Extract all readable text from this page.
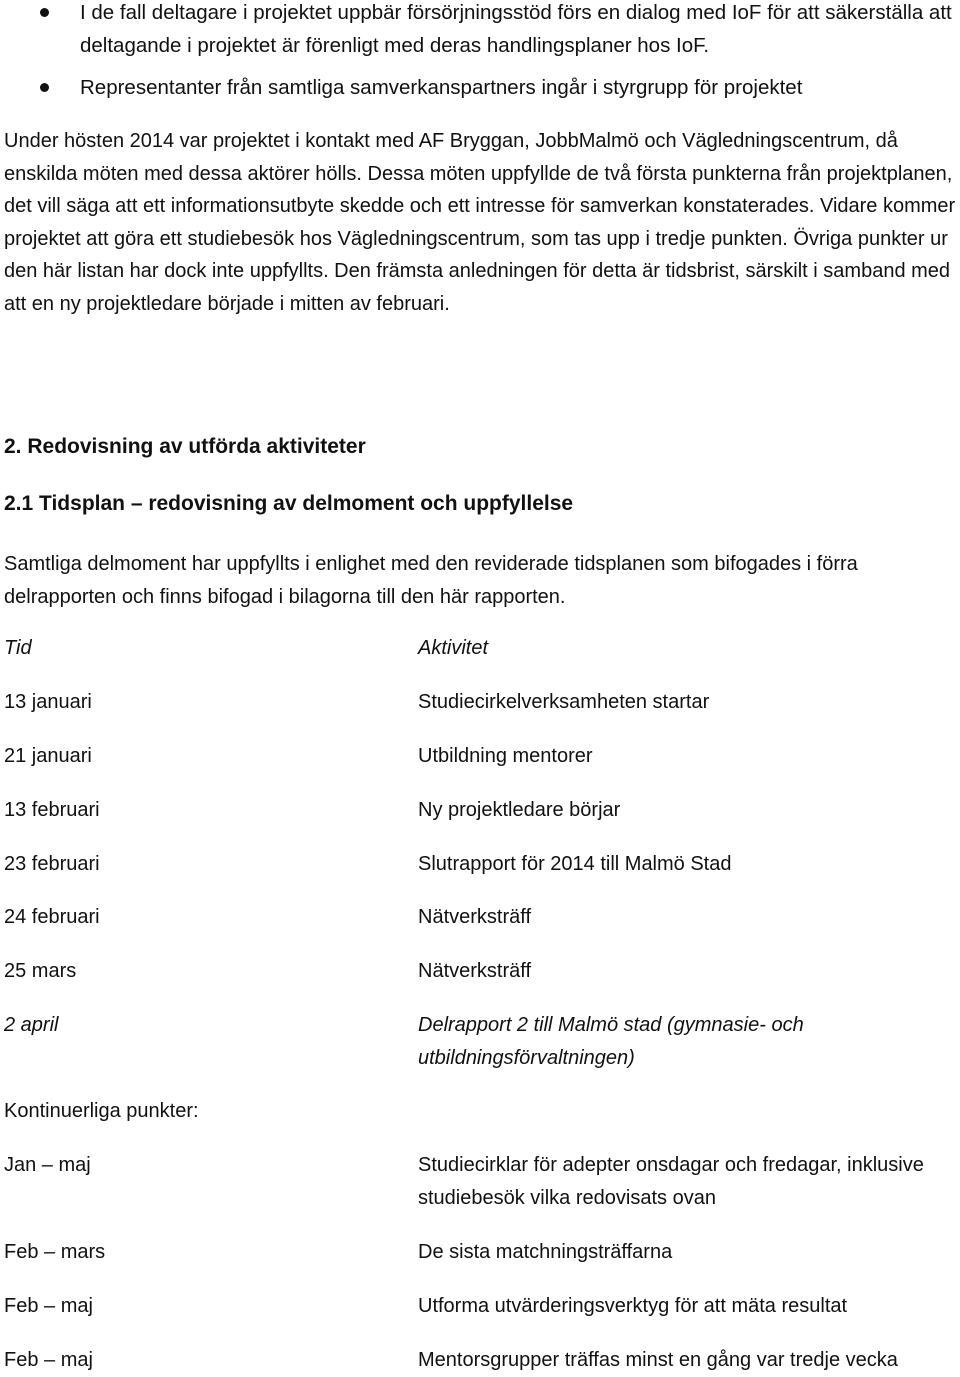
I de fall deltagare i projektet uppbär försörjningsstöd förs en dialog med IoF för att säkerställa att deltagande i projektet är förenligt med deras handlingsplaner hos IoF.
Representanter från samtliga samverkanspartners ingår i styrgrupp för projektet

Under hösten 2014 var projektet i kontakt med AF Bryggan, JobbMalmö och Vägledningscentrum, då enskilda möten med dessa aktörer hölls. Dessa möten uppfyllde de två första punkterna från projektplanen, det vill säga att ett informationsutbyte skedde och ett intresse för samverkan konstaterades. Vidare kommer projektet att göra ett studiebesök hos Vägledningscentrum, som tas upp i tredje punkten. Övriga punkter ur den här listan har dock inte uppfyllts. Den främsta anledningen för detta är tidsbrist, särskilt i samband med att en ny projektledare började i mitten av februari.

2. Redovisning av utförda aktiviteter
2.1 Tidsplan – redovisning av delmoment och uppfyllelse

Samtliga delmoment har uppfyllts i enlighet med den reviderade tidsplanen som bifogades i förra delrapporten och finns bifogad i bilagorna till den här rapporten.

Tid	Aktivitet
13 januari	Studiecirkelverksamheten startar
21 januari	Utbildning mentorer
13 februari	Ny projektledare börjar
23 februari	Slutrapport för 2014 till Malmö Stad
24 februari	Nätverksträff
25 mars	Nätverksträff
2 april	Delrapport 2 till Malmö stad (gymnasie- och utbildningsförvaltningen)
Kontinuerliga punkter:
Jan – maj	Studiecirklar för adepter onsdagar och fredagar, inklusive studiebesök vilka redovisats ovan
Feb – mars	De sista matchningsträffarna
Feb – maj	Utforma utvärderingsverktyg för att mäta resultat
Feb – maj	Mentorsgrupper träffas minst en gång var tredje vecka
